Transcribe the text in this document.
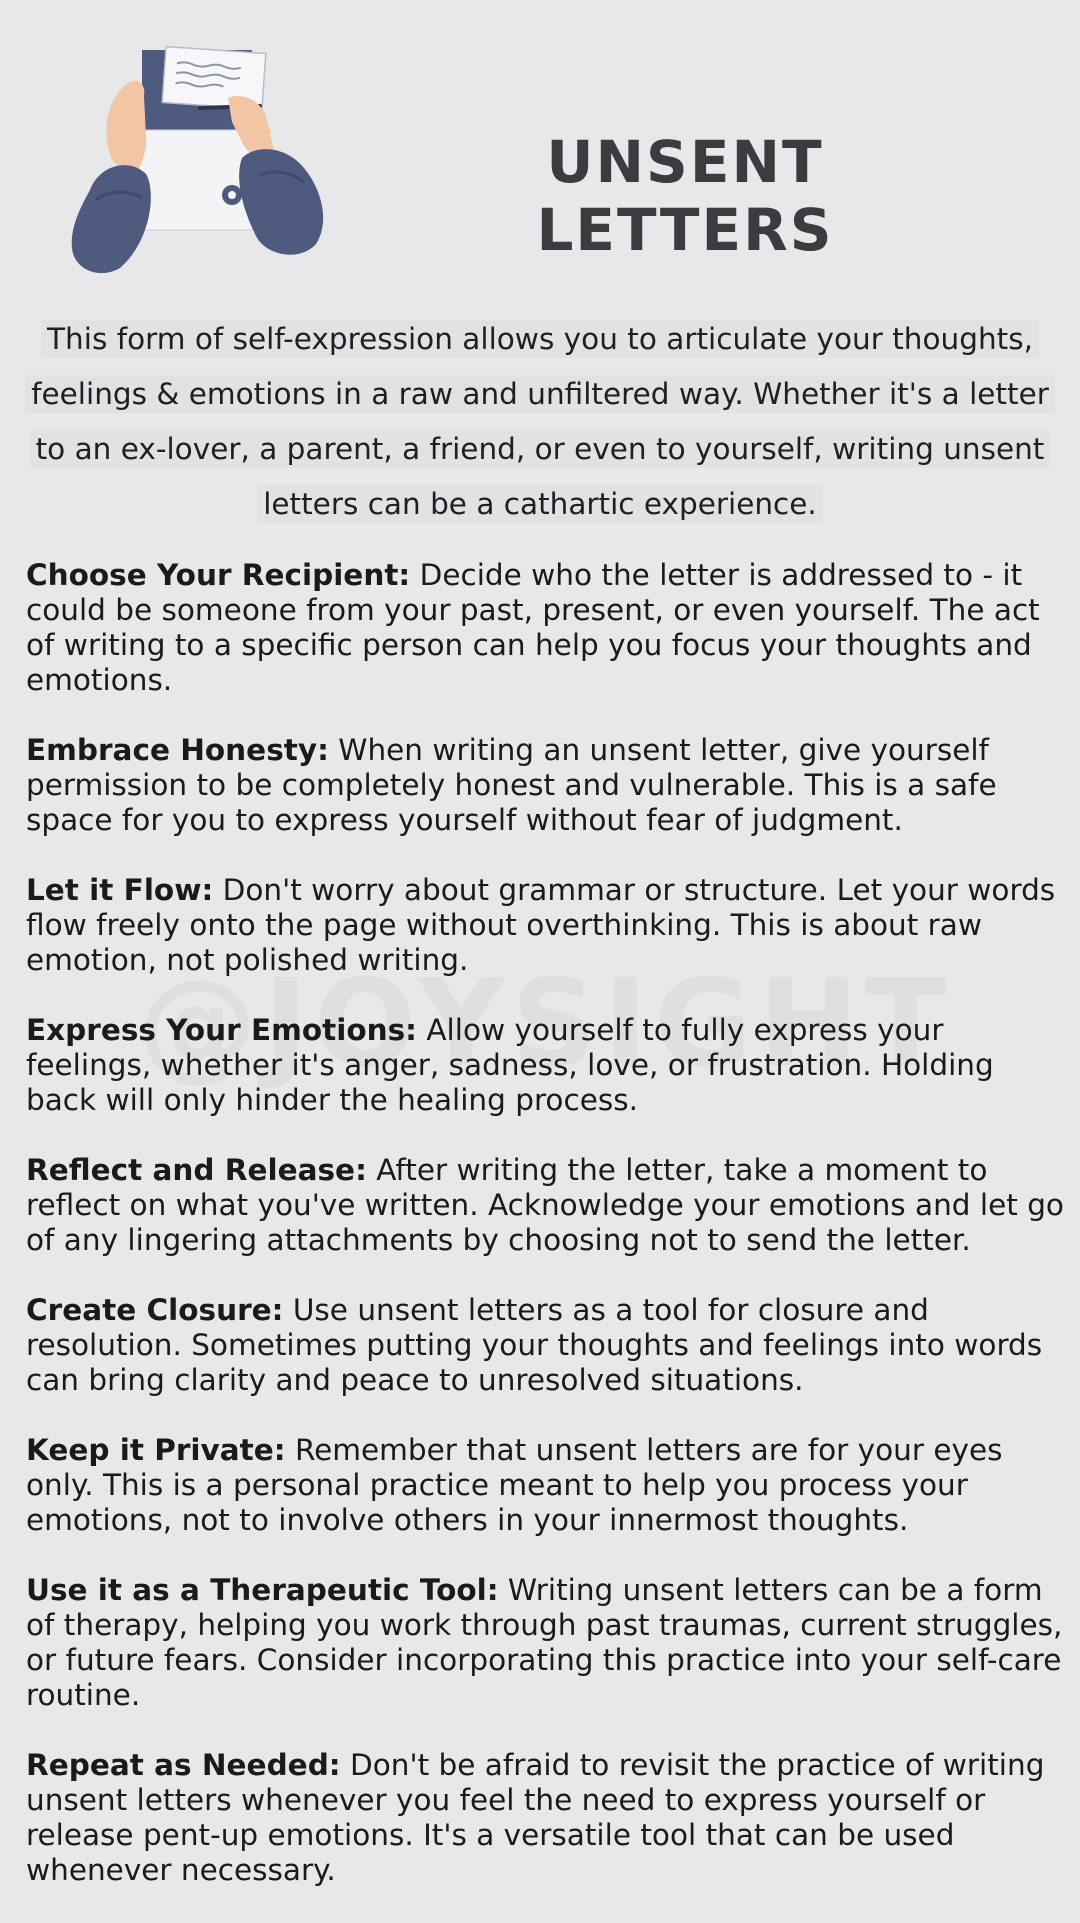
UNSENT LETTERS
This form of self-expression allows you to articulate your thoughts, feelings & emotions in a raw and unfiltered way. Whether it's a letter to an ex-lover, a parent, a friend, or even to yourself, writing unsent letters can be a cathartic experience.

Choose Your Recipient: Decide who the letter is addressed to - it could be someone from your past, present, or even yourself. The act of writing to a specific person can help you focus your thoughts and emotions.

Embrace Honesty: When writing an unsent letter, give yourself permission to be completely honest and vulnerable. This is a safe space for you to express yourself without fear of judgment.

Let it Flow: Don't worry about grammar or structure. Let your words flow freely onto the page without overthinking. This is about raw emotion, not polished writing.

Express Your Emotions: Allow yourself to fully express your feelings, whether it's anger, sadness, love, or frustration. Holding back will only hinder the healing process.

Reflect and Release: After writing the letter, take a moment to reflect on what you've written. Acknowledge your emotions and let go of any lingering attachments by choosing not to send the letter.

Create Closure: Use unsent letters as a tool for closure and resolution. Sometimes putting your thoughts and feelings into words can bring clarity and peace to unresolved situations.

Keep it Private: Remember that unsent letters are for your eyes only. This is a personal practice meant to help you process your emotions, not to involve others in your innermost thoughts.

Use it as a Therapeutic Tool: Writing unsent letters can be a form of therapy, helping you work through past traumas, current struggles, or future fears. Consider incorporating this practice into your self-care routine.

Repeat as Needed: Don't be afraid to revisit the practice of writing unsent letters whenever you feel the need to express yourself or release pent-up emotions. It's a versatile tool that can be used whenever necessary.
